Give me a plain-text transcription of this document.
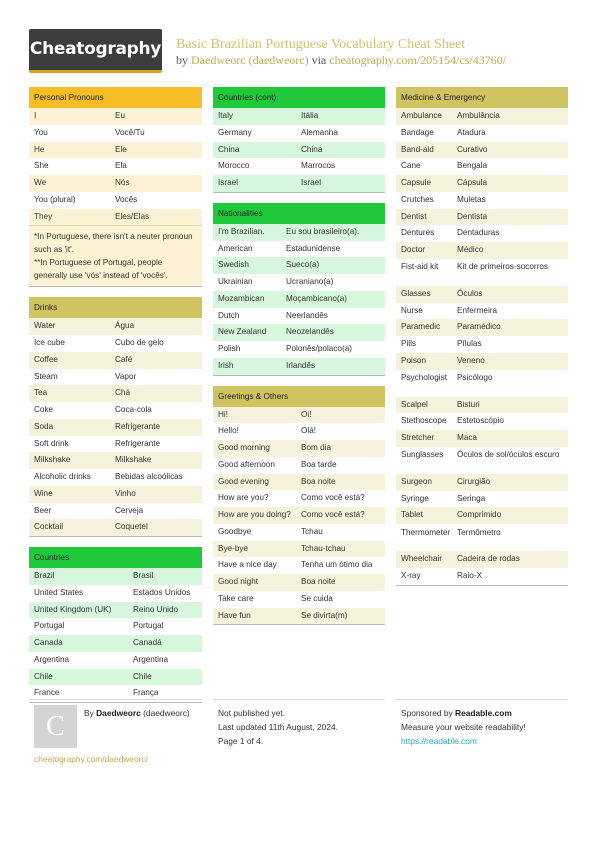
Cheatography Basic Brazilian Portuguese Vocabulary Cheat Sheet
by Daedweorc (daedweorc) via cheatography.com/205154/cs/43760/
Personal Pronouns
I	Eu
You	Você/Tu
He	Ele
She	Ela
We	Nós
You (plural)	Vocês
They	Eles/Elas
*In Portuguese, there isn't a neuter pronoun such as 'it'.
**In Portuguese of Portugal, people generally use 'vós' instead of 'vocês'.
Drinks
Water	Água
Ice cube	Cubo de gelo
Coffee	Café
Steam	Vapor
Tea	Chá
Coke	Coca-cola
Soda	Refrigerante
Soft drink	Refrigerante
Milkshake	Milkshake
Alcoholic drinks	Bebidas alcoólicas
Wine	Vinho
Beer	Cerveja
Cocktail	Coquetel
Countries
Brazil	Brasil
United States	Estados Unidos
United Kingdom (UK)	Reino Unido
Portugal	Portugal
Canada	Canadá
Argentina	Argentina
Chile	Chile
France	França
Countries (cont)
Italy	Itália
Germany	Alemanha
China	China
Morocco	Marrocos
Israel	Israel
Nationalities
I'm Brazilian.	Eu sou brasileiro(a).
American	Estadunidense
Swedish	Sueco(a)
Ukrainian	Ucraniano(a)
Mozambican	Moçambicano(a)
Dutch	Neerlandês
New Zealand	Neozelandês
Polish	Polonês/polaco(a)
Irish	Irlandês
Greetings & Others
Hi!	Oi!
Hello!	Olá!
Good morning	Bom dia
Good afternoon	Boa tarde
Good evening	Boa noite
How are you?	Como você está?
How are you doing?	Como você está?
Goodbye	Tchau
Bye-bye	Tchau-tchau
Have a nice day	Tenha um ótimo dia
Good night	Boa noite
Take care	Se cuida
Have fun	Se divirta(m)
Medicine & Emergency
Ambulance	Ambulância
Bandage	Atadura
Band-aid	Curativo
Cane	Bengala
Capsule	Cápsula
Crutches	Muletas
Dentist	Dentista
Dentures	Dentaduras
Doctor	Médico
Fist-aid kit	Kit de primeiros-socorros
Glasses	Óculos
Nurse	Enfermeira
Paramedic	Paramédico
Pills	Pílulas
Poison	Veneno
Psychologist	Psicólogo
Scalpel	Bisturi
Stethoscope	Estetoscópio
Stretcher	Maca
Sunglasses	Óculos de sol/óculos escuro
Surgeon	Cirurgião
Syringe	Seringa
Tablet	Comprimido
Thermometer Termômetro
Wheelchair	Cadeira de rodas
X-ray	Raio-X
C	By Daedweorc (daedweorc)
cheatography.com/daedweorc/
Not published yet.
Last updated 11th August, 2024.
Page 1 of 4.
Sponsored by Readable.com
Measure your website readability!
https://readable.com
